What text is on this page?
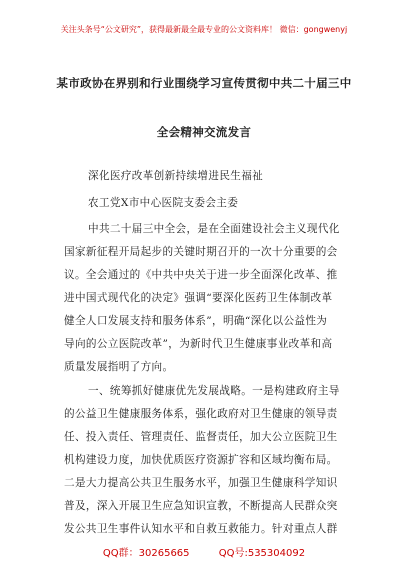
关注头条号“公文研究”，获得最新最全最专业的公文资料库！ 微信：gongwenyj
某市政协在界别和行业围绕学习宣传贯彻中共二十届三中
全会精神交流发言
深化医疗改革创新持续增进民生福祉
农工党X市中心医院支委会主委
中共二十届三中全会，是在全面建设社会主义现代化
国家新征程开局起步的关键时期召开的一次十分重要的会
议。全会通过的《中共中央关于进一步全面深化改革、推
进中国式现代化的决定》强调“要深化医药卫生体制改革
健全人口发展支持和服务体系”，明确“深化以公益性为
导向的公立医院改革”，为新时代卫生健康事业改革和高
质量发展指明了方向。
一、统筹抓好健康优先发展战略。一是构建政府主导
的公益卫生健康服务体系，强化政府对卫生健康的领导责
任、投入责任、管理责任、监督责任，加大公立医院卫生
机构建设力度，加快优质医疗资源扩容和区域均衡布局。
二是大力提高公共卫生服务水平，加强卫生健康科学知识
普及，深入开展卫生应急知识宣教，不断提高人民群众突
发公共卫生事件认知水平和自救互救能力。针对重点人群
QQ群：30265665	QQ号:535304092
